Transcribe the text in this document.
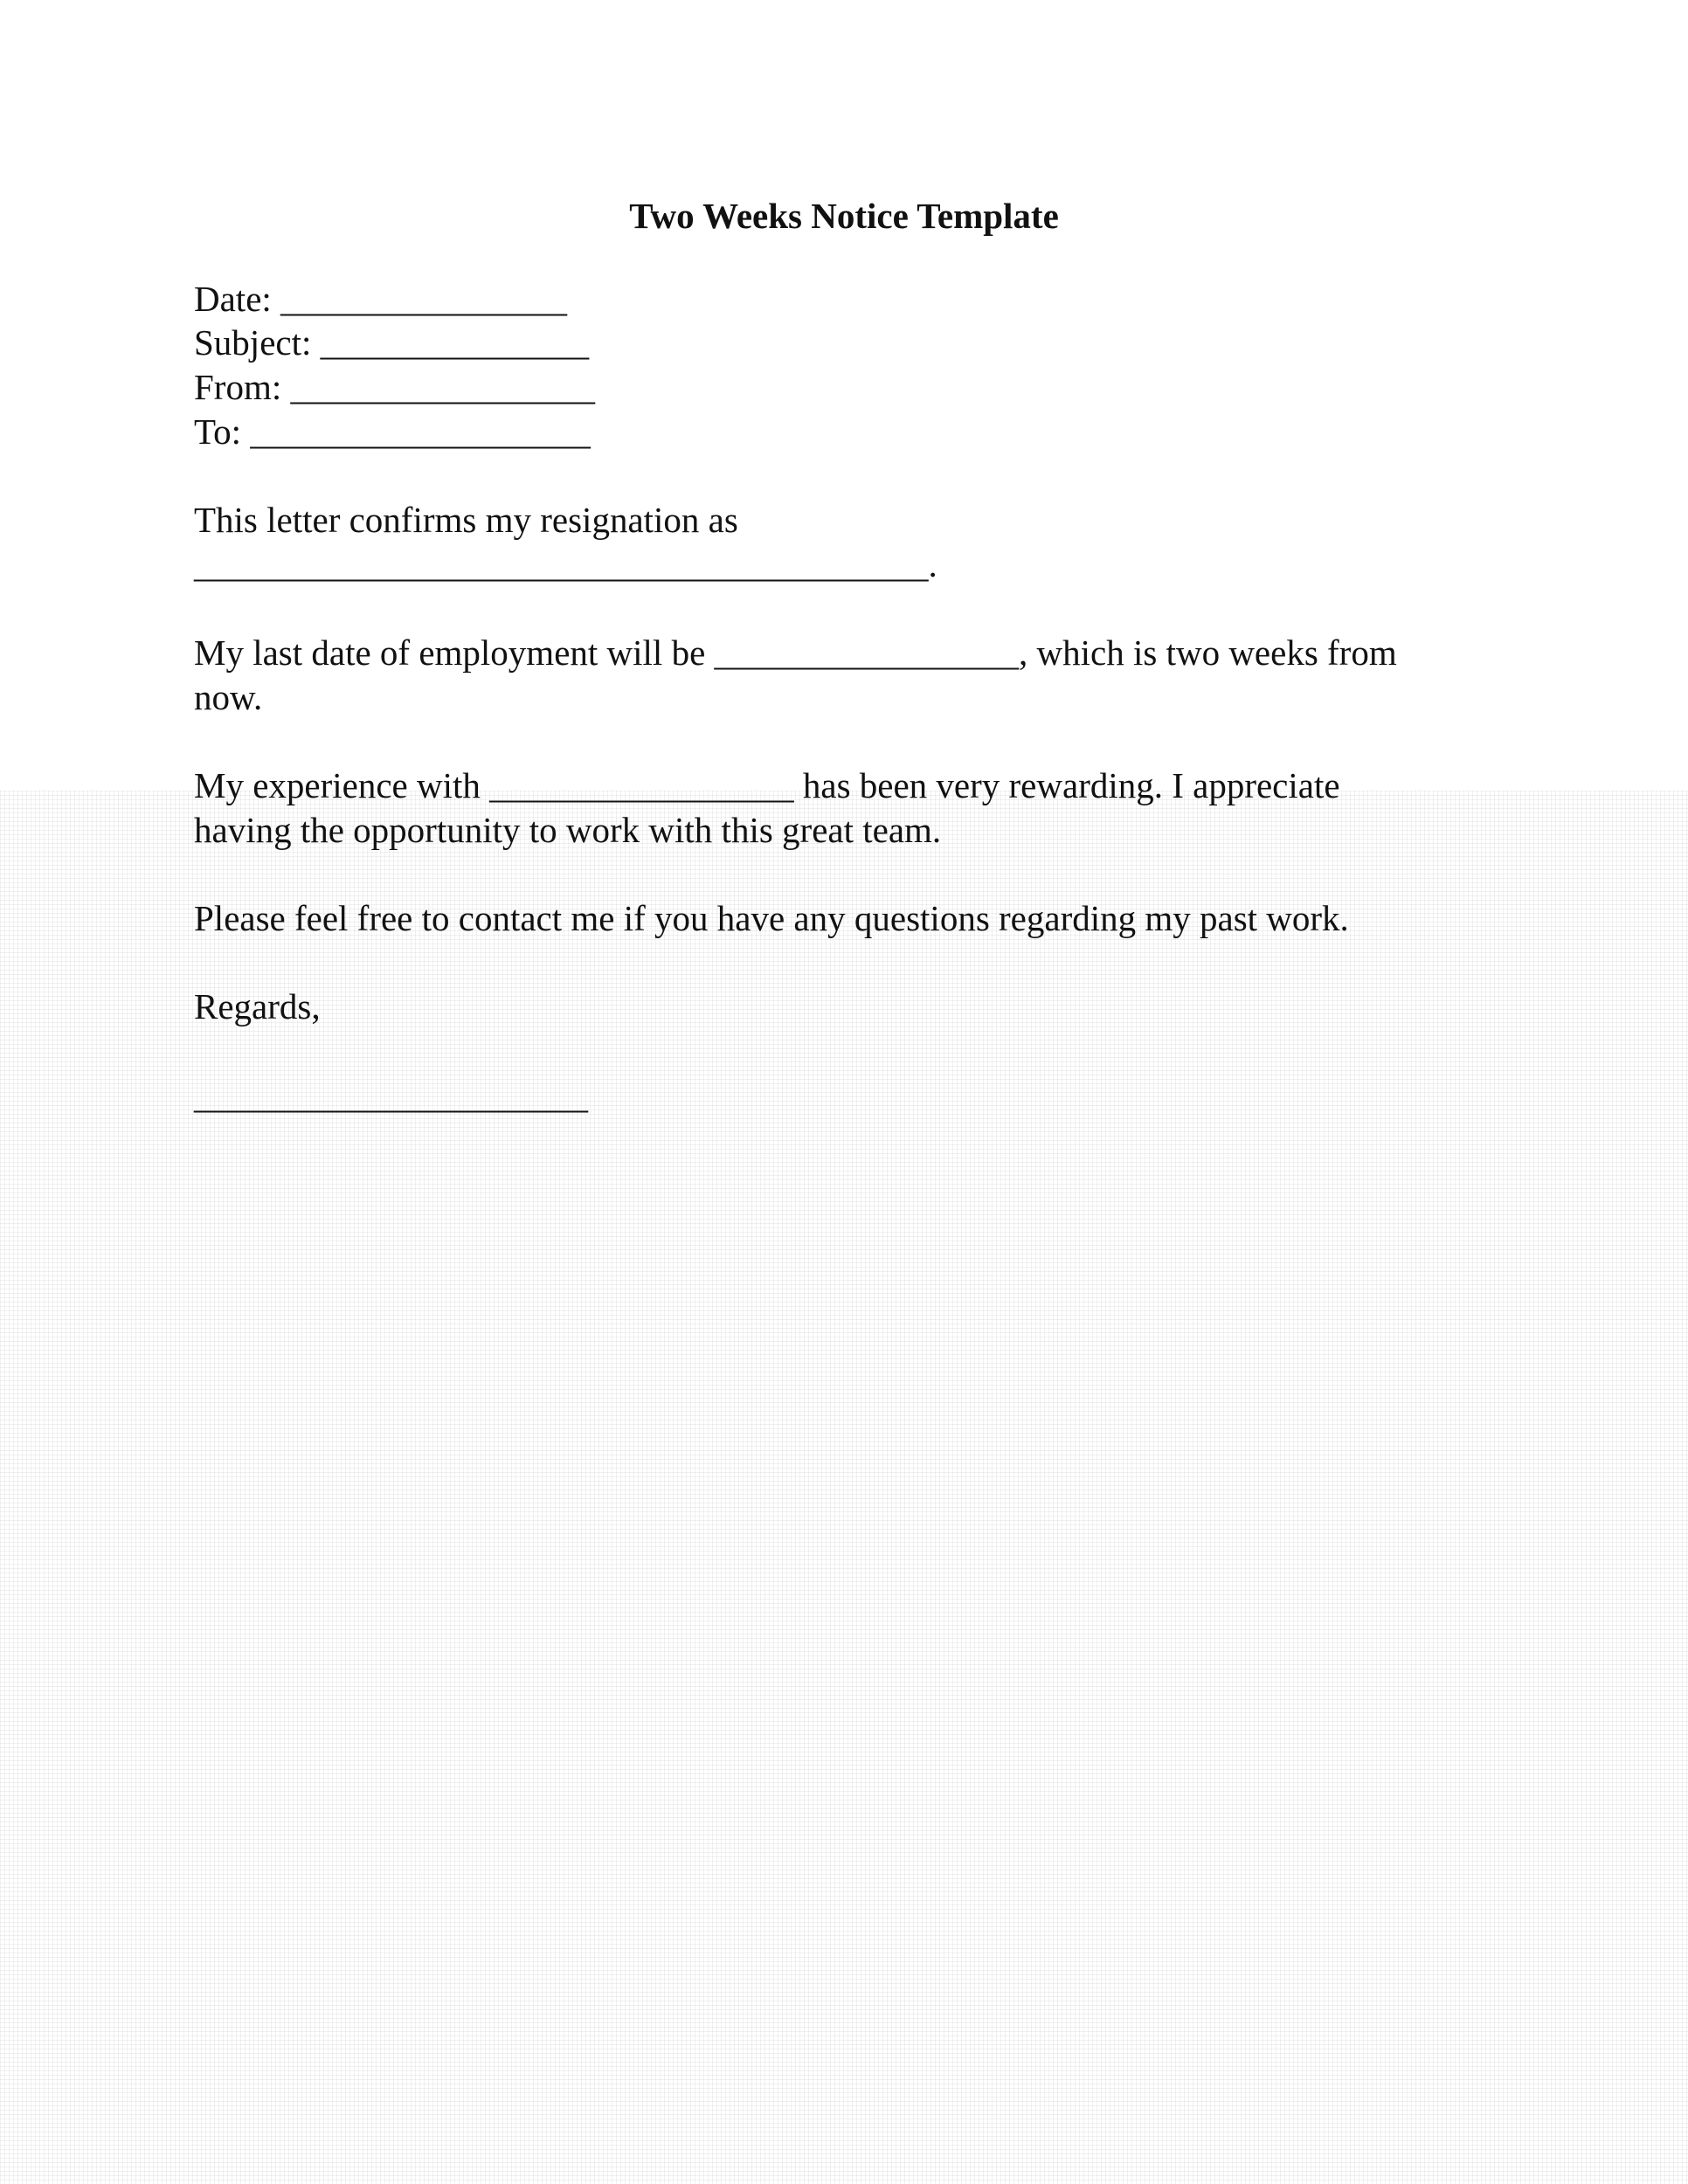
Two Weeks Notice Template
Date: ________________
Subject: _______________
From: _________________
To: ___________________
This letter confirms my resignation as
_________________________________________.
My last date of employment will be _________________, which is two weeks from
now.
My experience with _________________ has been very rewarding. I appreciate
having the opportunity to work with this great team.
Please feel free to contact me if you have any questions regarding my past work.
Regards,
______________________
